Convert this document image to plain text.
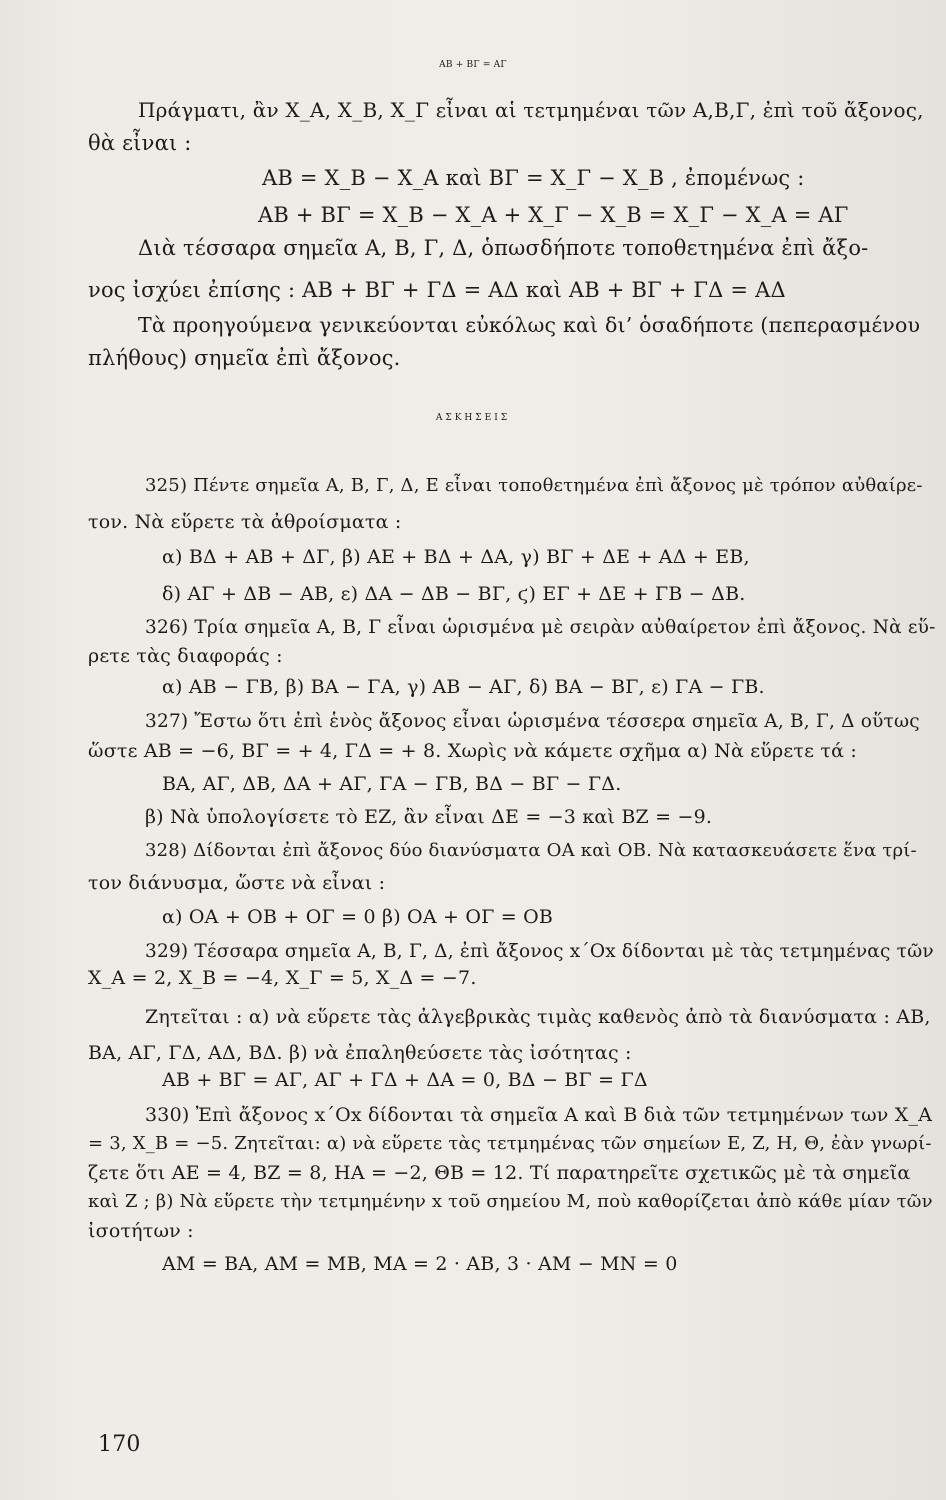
AB + BΓ = AΓ
Πράγματι, ἂν X_A, X_B, X_Γ εἶναι αἱ τετμημέναι τῶν A,B,Γ, ἐπὶ τοῦ ἄξονος,
θὰ εἶναι :
AB = X_B − X_A καὶ BΓ = X_Γ − X_B , ἐπομένως :
AB + BΓ = X_B − X_A + X_Γ − X_B = X_Γ − X_A = AΓ
Διὰ τέσσαρα σημεῖα A, B, Γ, Δ, ὁπωσδήποτε τοποθετημένα ἐπὶ ἄξο-
νος ἰσχύει ἐπίσης : AB + BΓ + ΓΔ = AΔ καὶ AB + BΓ + ΓΔ = AΔ
Τὰ προηγούμενα γενικεύονται εὐκόλως καὶ δι’ ὁσαδήποτε (πεπερασμένου
πλήθους) σημεῖα ἐπὶ ἄξονος.
ΑΣΚΗΣΕΙΣ
325) Πέντε σημεῖα A, B, Γ, Δ, E εἶναι τοποθετημένα ἐπὶ ἄξονος μὲ τρόπον αὐθαίρε-
τον. Νὰ εὕρετε τὰ ἀθροίσματα :
α) BΔ + AB + ΔΓ, β) AE + BΔ + ΔA, γ) BΓ + ΔE + AΔ + EB,
δ) AΓ + ΔB − AB, ε) ΔA − ΔB − BΓ, ϛ) EΓ + ΔE + ΓB − ΔB.
326) Τρία σημεῖα A, B, Γ εἶναι ὡρισμένα μὲ σειρὰν αὐθαίρετον ἐπὶ ἄξονος. Νὰ εὕ-
ρετε τὰς διαφοράς :
α) AB − ΓB, β) BA − ΓA, γ) AB − AΓ, δ) BA − BΓ, ε) ΓA − ΓB.
327) Ἔστω ὅτι ἐπὶ ἑνὸς ἄξονος εἶναι ὡρισμένα τέσσερα σημεῖα A, B, Γ, Δ οὕτως
ὥστε AB = −6, BΓ = + 4, ΓΔ = + 8. Χωρὶς νὰ κάμετε σχῆμα α) Νὰ εὕρετε τά :
BA, AΓ, ΔB, ΔA + AΓ, ΓA − ΓB, BΔ − BΓ − ΓΔ.
β) Νὰ ὑπολογίσετε τὸ EZ, ἂν εἶναι ΔE = −3 καὶ BZ = −9.
328) Δίδονται ἐπὶ ἄξονος δύο διανύσματα OA καὶ OB. Νὰ κατασκευάσετε ἕνα τρί-
τον διάνυσμα, ὥστε νὰ εἶναι :
α) OA + OB + OΓ = 0 β) OA + OΓ = OB
329) Τέσσαρα σημεῖα A, B, Γ, Δ, ἐπὶ ἄξονος x΄Ox δίδονται μὲ τὰς τετμημένας τῶν
X_A = 2, X_B = −4, X_Γ = 5, X_Δ = −7.
Ζητεῖται : α) νὰ εὕρετε τὰς ἀλγεβρικὰς τιμὰς καθενὸς ἀπὸ τὰ διανύσματα : AB,
BA, AΓ, ΓΔ, AΔ, BΔ. β) νὰ ἐπαληθεύσετε τὰς ἰσότητας :
AB + BΓ = AΓ, AΓ + ΓΔ + ΔA = 0, BΔ − BΓ = ΓΔ
330) Ἐπὶ ἄξονος x΄Ox δίδονται τὰ σημεῖα A καὶ B διὰ τῶν τετμημένων των X_A
= 3, X_B = −5. Ζητεῖται: α) νὰ εὕρετε τὰς τετμημένας τῶν σημείων E, Z, H, Θ, ἐὰν γνωρί-
ζετε ὅτι AE = 4, BZ = 8, HA = −2, ΘB = 12. Τί παρατηρεῖτε σχετικῶς μὲ τὰ σημεῖα
καὶ Z ; β) Νὰ εὕρετε τὴν τετμημένην x τοῦ σημείου M, ποὺ καθορίζεται ἀπὸ κάθε μίαν τῶν
ἰσοτήτων :
AM = BA, AM = MB, MA = 2 · AB, 3 · AM − MN = 0
170
